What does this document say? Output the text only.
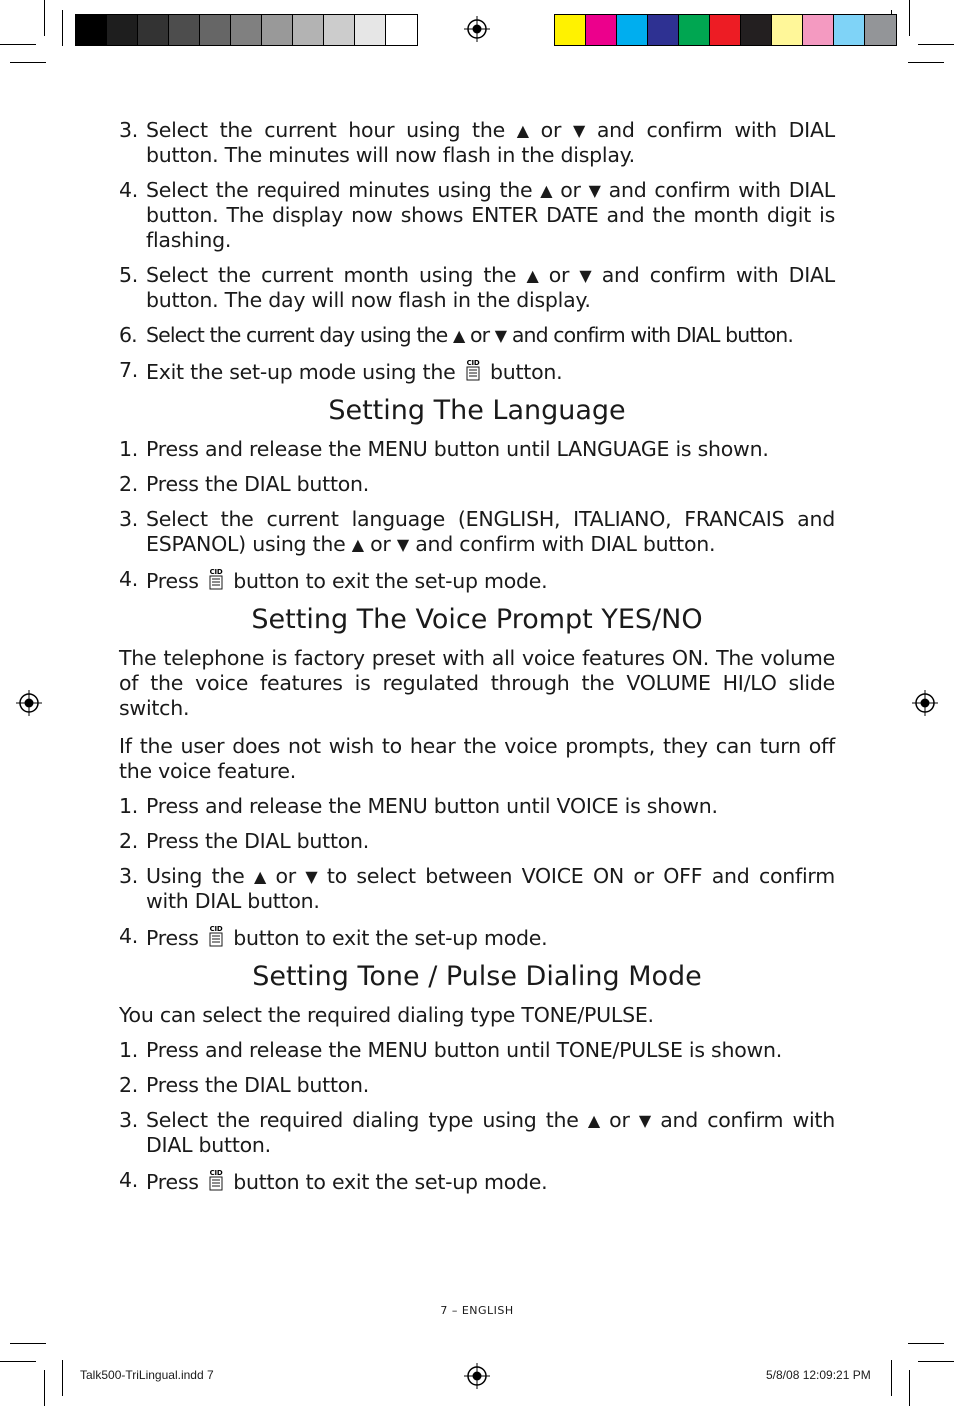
3. Select the current hour using the ▲ or ▼ and confirm with DIAL button. The minutes will now flash in the display.
4. Select the required minutes using the ▲ or ▼ and confirm with DIAL button. The display now shows ENTER DATE and the month digit is flashing.
5. Select the current month using the ▲ or ▼ and confirm with DIAL button. The day will now flash in the display.
6. Select the current day using the ▲ or ▼ and confirm with DIAL button.
7. Exit the set-up mode using the CID button.
Setting The Language
1. Press and release the MENU button until LANGUAGE is shown.
2. Press the DIAL button.
3. Select the current language (ENGLISH, ITALIANO, FRANCAIS and ESPANOL) using the ▲ or ▼ and confirm with DIAL button.
4. Press CID button to exit the set-up mode.
Setting The Voice Prompt YES/NO

The telephone is factory preset with all voice features ON. The volume of the voice features is regulated through the VOLUME HI/LO slide switch.

If the user does not wish to hear the voice prompts, they can turn off the voice feature.

1. Press and release the MENU button until VOICE is shown.
2. Press the DIAL button.
3. Using the ▲ or ▼ to select between VOICE ON or OFF and confirm with DIAL button.
4. Press CID button to exit the set-up mode.
Setting Tone / Pulse Dialing Mode

You can select the required dialing type TONE/PULSE.

1. Press and release the MENU button until TONE/PULSE is shown.
2. Press the DIAL button.
3. Select the required dialing type using the ▲ or ▼ and confirm with DIAL button.
4. Press CID button to exit the set-up mode.
7 – ENGLISH
Talk500-TriLingual.indd 7	5/8/08 12:09:21 PM
